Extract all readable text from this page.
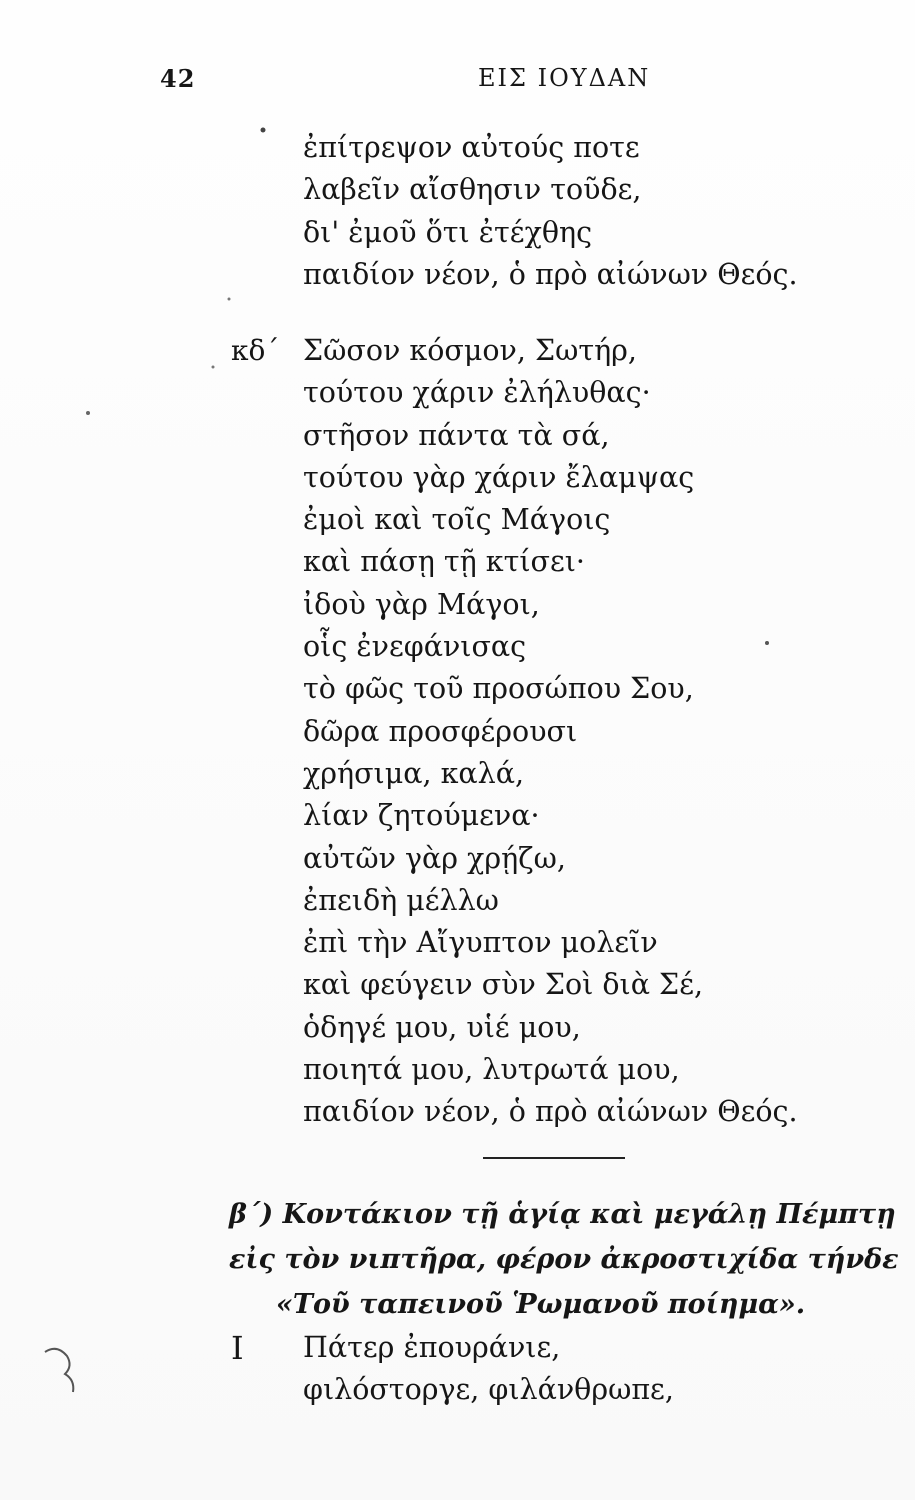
42	ΕΙΣ ΙΟΥΔΑΝ
ἐπίτρεψον αὐτούς ποτε
λαβεῖν αἴσθησιν τοῦδε,
δι' ἐμοῦ ὅτι ἐτέχθης
παιδίον νέον, ὁ πρὸ αἰώνων Θεός.
κδ΄ Σῶσον κόσμον, Σωτήρ,
τούτου χάριν ἐλήλυθας·
στῆσον πάντα τὰ σά,
τούτου γὰρ χάριν ἔλαμψας
ἐμοὶ καὶ τοῖς Μάγοις
καὶ πάσῃ τῇ κτίσει·
ἰδοὺ γὰρ Μάγοι,
οἷς ἐνεφάνισας
τὸ φῶς τοῦ προσώπου Σου,
δῶρα προσφέρουσι
χρήσιμα, καλά,
λίαν ζητούμενα·
αὐτῶν γὰρ χρῄζω,
ἐπειδὴ μέλλω
ἐπὶ τὴν Αἴγυπτον μολεῖν
καὶ φεύγειν σὺν Σοὶ διὰ Σέ,
ὁδηγέ μου, υἱέ μου,
ποιητά μου, λυτρωτά μου,
παιδίον νέον, ὁ πρὸ αἰώνων Θεός.
β΄) Κοντάκιον τῇ ἁγίᾳ καὶ μεγάλῃ Πέμπτῃ
εἰς τὸν νιπτῆρα, φέρον ἀκροστιχίδα τήνδε
«Τοῦ ταπεινοῦ Ῥωμανοῦ ποίημα».
Ι Πάτερ ἐπουράνιε,
φιλόστοργε, φιλάνθρωπε,
